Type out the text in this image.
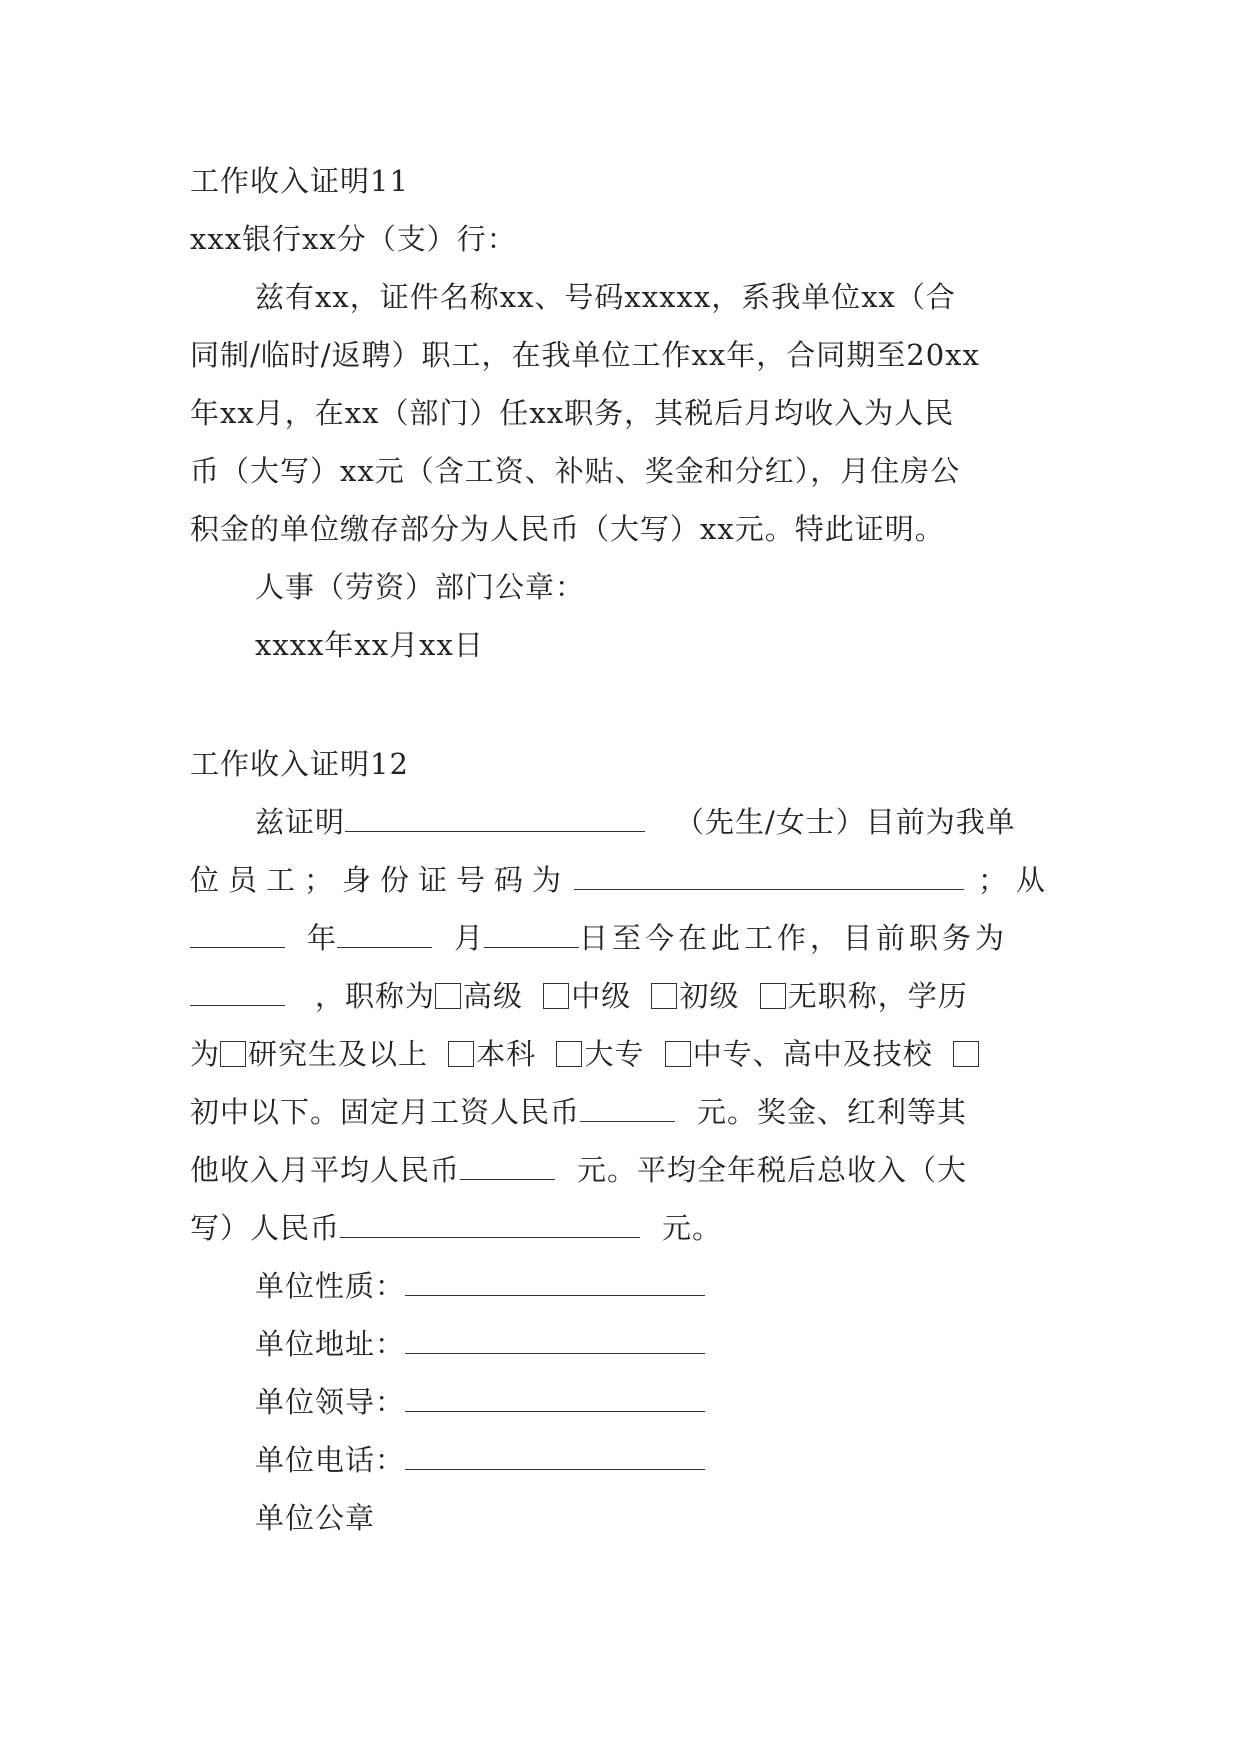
工作收入证明11
xxx银行xx分（支）行：
兹有xx，证件名称xx、号码xxxxx，系我单位xx（合
同制/临时/返聘）职工，在我单位工作xx年，合同期至20xx
年xx月，在xx（部门）任xx职务，其税后月均收入为人民
币（大写）xx元（含工资、补贴、奖金和分红），月住房公
积金的单位缴存部分为人民币（大写）xx元。特此证明。
人事（劳资）部门公章：
xxxx年xx月xx日
工作收入证明12
兹证明	（先生/女士）目前为我单
位员工；身份证号码为	；从
年	月	日至今在此工作，目前职务为
，职称为 高级 中级 初级 无职称，学历
为 研究生及以上 本科 大专 中专、高中及技校
初中以下。固定月工资人民币	元。奖金、红利等其
他收入月平均人民币	元。平均全年税后总收入（大
写）人民币	元。
单位性质：
单位地址：
单位领导：
单位电话：
单位公章
